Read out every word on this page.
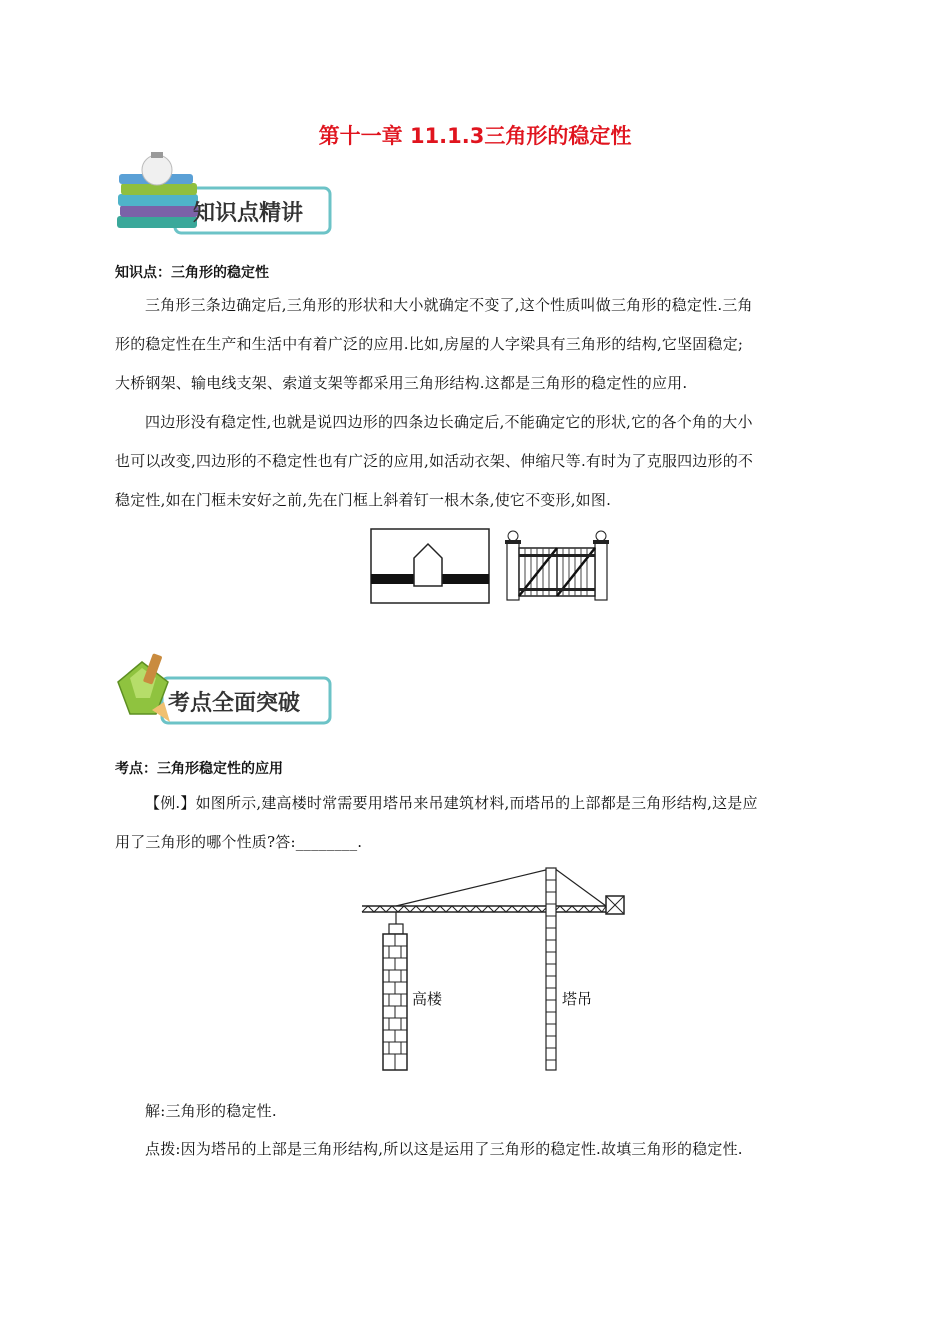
第十一章 11.1.3三角形的稳定性
知识点精讲
知识点：三角形的稳定性
三角形三条边确定后,三角形的形状和大小就确定不变了,这个性质叫做三角形的稳定性.三角
形的稳定性在生产和生活中有着广泛的应用.比如,房屋的人字梁具有三角形的结构,它坚固稳定;
大桥钢架、输电线支架、索道支架等都采用三角形结构.这都是三角形的稳定性的应用.
四边形没有稳定性,也就是说四边形的四条边长确定后,不能确定它的形状,它的各个角的大小
也可以改变,四边形的不稳定性也有广泛的应用,如活动衣架、伸缩尺等.有时为了克服四边形的不
稳定性,如在门框未安好之前,先在门框上斜着钉一根木条,使它不变形,如图.
考点全面突破
考点：三角形稳定性的应用
【例.】如图所示,建高楼时常需要用塔吊来吊建筑材料,而塔吊的上部都是三角形结构,这是应
用了三角形的哪个性质?答:________.
高楼	塔吊
解:三角形的稳定性.
点拨:因为塔吊的上部是三角形结构,所以这是运用了三角形的稳定性.故填三角形的稳定性.
